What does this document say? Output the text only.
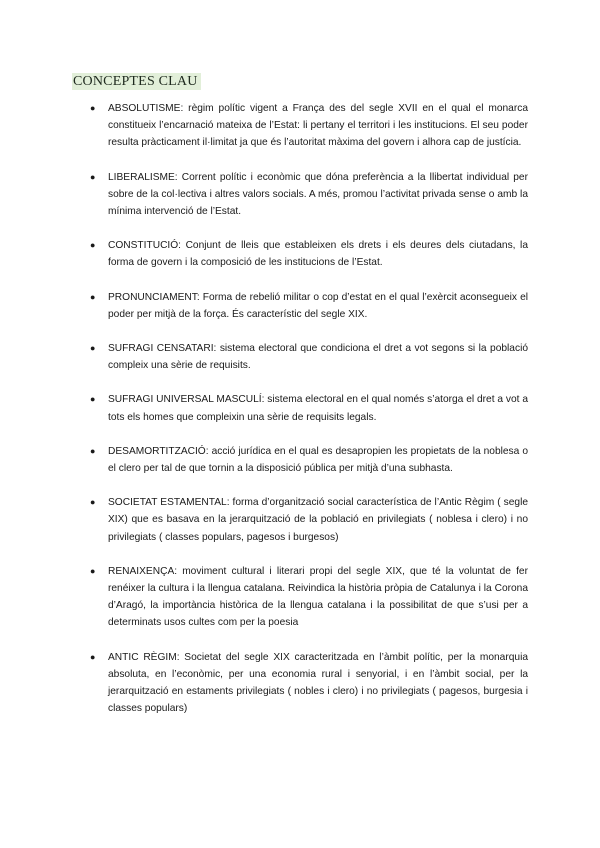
CONCEPTES CLAU
● ABSOLUTISME: règim polític vigent a França des del segle XVII en el qual el monarca constitueix l’encarnació mateixa de l’Estat: li pertany el territori i les institucions. El seu poder resulta pràcticament il·limitat ja que és l’autoritat màxima del govern i alhora cap de justícia.
● LIBERALISME: Corrent polític i econòmic que dóna preferència a la llibertat individual per sobre de la col·lectiva i altres valors socials. A més, promou l’activitat privada sense o amb la mínima intervenció de l’Estat.
● CONSTITUCIÓ: Conjunt de lleis que estableixen els drets i els deures dels ciutadans, la forma de govern i la composició de les institucions de l’Estat.
● PRONUNCIAMENT: Forma de rebelió militar o cop d’estat en el qual l’exèrcit aconsegueix el poder per mitjà de la força. És característic del segle XIX.
● SUFRAGI CENSATARI: sistema electoral que condiciona el dret a vot segons si la població compleix una sèrie de requisits.
● SUFRAGI UNIVERSAL MASCULÍ: sistema electoral en el qual només s’atorga el dret a vot a tots els homes que compleixin una sèrie de requisits legals.
● DESAMORTITZACIÓ: acció jurídica en el qual es desapropien les propietats de la noblesa o el clero per tal de que tornin a la disposició pública per mitjà d’una subhasta.
● SOCIETAT ESTAMENTAL: forma d’organització social característica de l’Antic Règim ( segle XIX) que es basava en la jerarquització de la població en privilegiats ( noblesa i clero) i no privilegiats ( classes populars, pagesos i burgesos)
● RENAIXENÇA: moviment cultural i literari propi del segle XIX, que té la voluntat de fer renéixer la cultura i la llengua catalana. Reivindica la història pròpia de Catalunya i la Corona d’Aragó, la importància històrica de la llengua catalana i la possibilitat de que s’usi per a determinats usos cultes com per la poesia
● ANTIC RÈGIM: Societat del segle XIX caracteritzada en l’àmbit polític, per la monarquia absoluta, en l’econòmic, per una economia rural i senyorial, i en l’àmbit social, per la jerarquització en estaments privilegiats ( nobles i clero) i no privilegiats ( pagesos, burgesia i classes populars)
